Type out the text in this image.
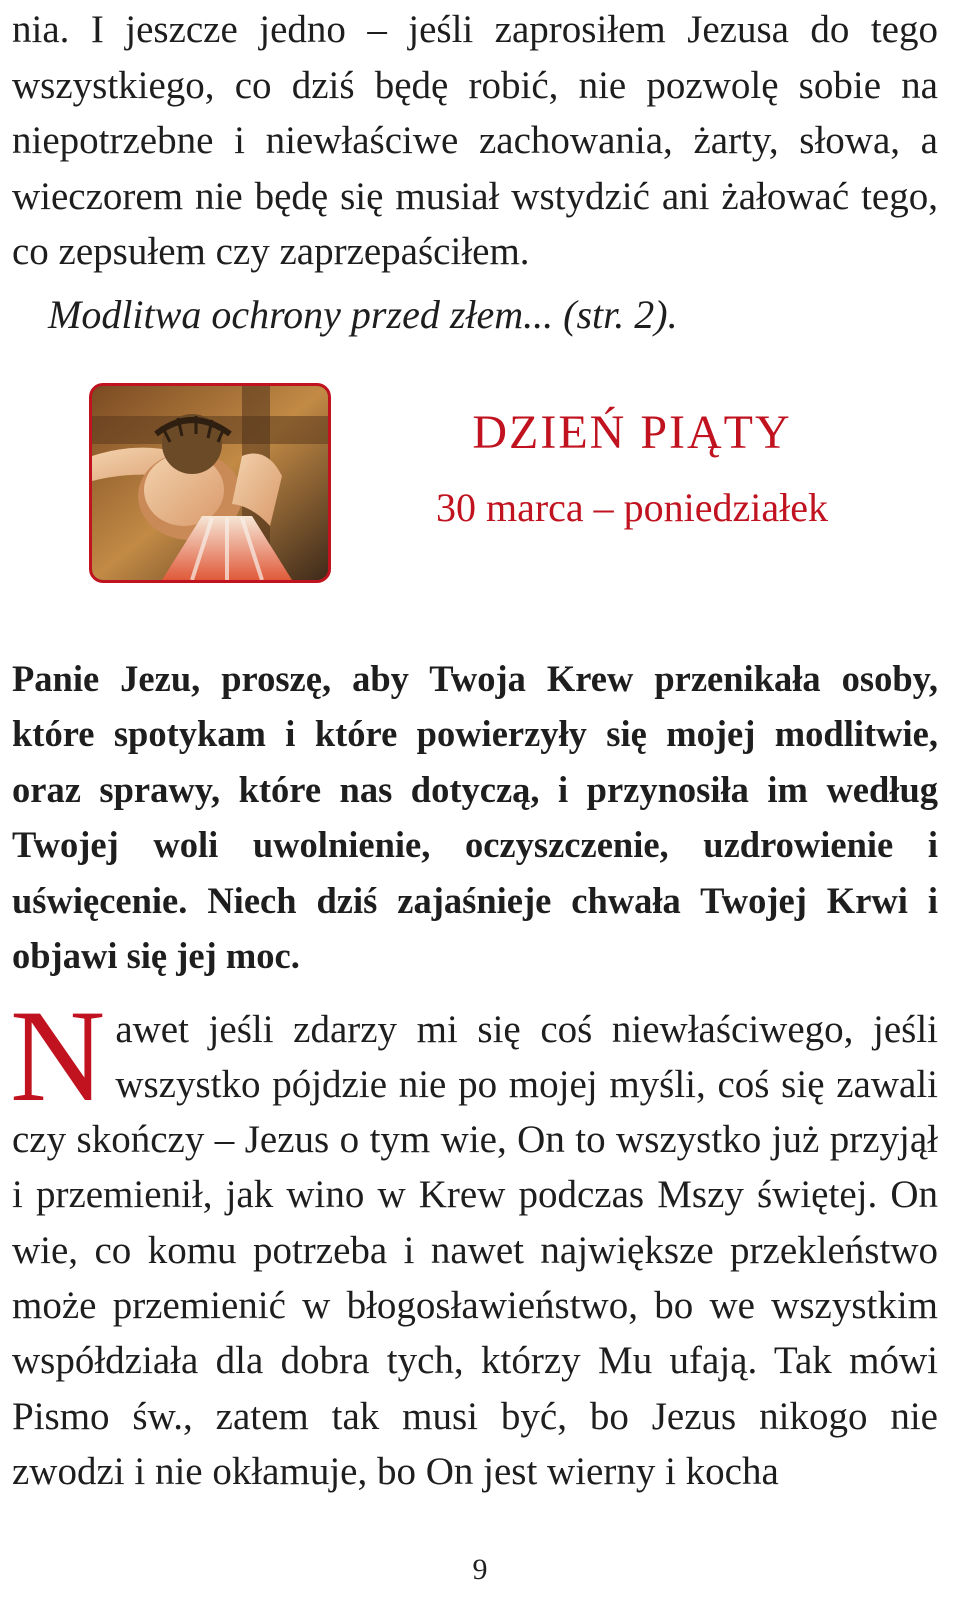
nia. I jeszcze jedno – jeśli zaprosiłem Jezusa do tego wszystkiego, co dziś będę robić, nie pozwolę sobie na niepotrzebne i niewłaściwe zachowania, żarty, słowa, a wieczorem nie będę się musiał wstydzić ani żałować tego, co zepsułem czy zaprzepaściłem.

Modlitwa ochrony przed złem... (str. 2).

DZIEŃ PIĄTY
30 marca – poniedziałek

Panie Jezu, proszę, aby Twoja Krew przenikała osoby, które spotykam i które powierzyły się mojej modlitwie, oraz sprawy, które nas dotyczą, i przynosiła im według Twojej woli uwolnienie, oczyszczenie, uzdrowienie i uświęcenie. Niech dziś zajaśnieje chwała Twojej Krwi i objawi się jej moc.

Nawet jeśli zdarzy mi się coś niewłaściwego, jeśli wszystko pójdzie nie po mojej myśli, coś się zawali czy skończy – Jezus o tym wie, On to wszystko już przyjął i przemienił, jak wino w Krew podczas Mszy świętej. On wie, co komu potrzeba i nawet największe przekleństwo może przemienić w błogosławieństwo, bo we wszystkim współdziała dla dobra tych, którzy Mu ufają. Tak mówi Pismo św., zatem tak musi być, bo Jezus nikogo nie zwodzi i nie okłamuje, bo On jest wierny i kocha

9
